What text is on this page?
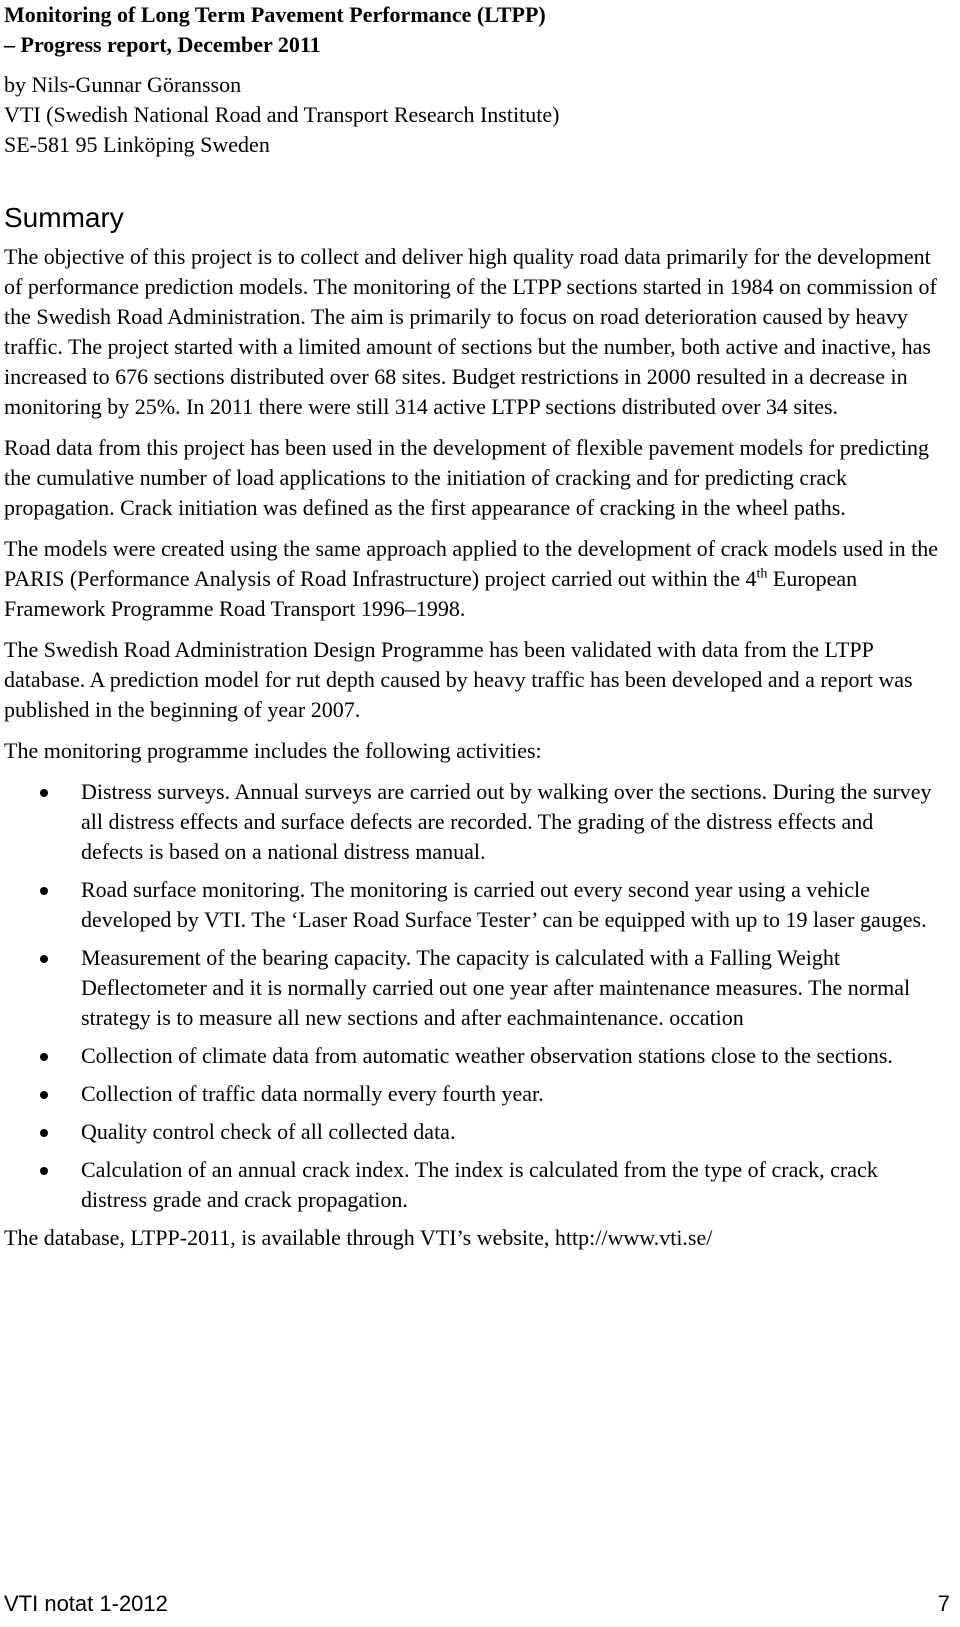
Monitoring of Long Term Pavement Performance (LTPP)
– Progress report, December 2011

by Nils-Gunnar Göransson
VTI (Swedish National Road and Transport Research Institute)
SE-581 95 Linköping Sweden

Summary

The objective of this project is to collect and deliver high quality road data primarily for the development of performance prediction models. The monitoring of the LTPP sections started in 1984 on commission of the Swedish Road Administration. The aim is primarily to focus on road deterioration caused by heavy traffic. The project started with a limited amount of sections but the number, both active and inactive, has increased to 676 sections distributed over 68 sites. Budget restrictions in 2000 resulted in a decrease in monitoring by 25%. In 2011 there were still 314 active LTPP sections distributed over 34 sites.

Road data from this project has been used in the development of flexible pavement models for predicting the cumulative number of load applications to the initiation of cracking and for predicting crack propagation. Crack initiation was defined as the first appearance of cracking in the wheel paths.

The models were created using the same approach applied to the development of crack models used in the PARIS (Performance Analysis of Road Infrastructure) project carried out within the 4th European Framework Programme Road Transport 1996–1998.

The Swedish Road Administration Design Programme has been validated with data from the LTPP database. A prediction model for rut depth caused by heavy traffic has been developed and a report was published in the beginning of year 2007.

The monitoring programme includes the following activities:

Distress surveys. Annual surveys are carried out by walking over the sections. During the survey all distress effects and surface defects are recorded. The grading of the distress effects and defects is based on a national distress manual.
Road surface monitoring. The monitoring is carried out every second year using a vehicle developed by VTI. The ‘Laser Road Surface Tester’ can be equipped with up to 19 laser gauges.
Measurement of the bearing capacity. The capacity is calculated with a Falling Weight Deflectometer and it is normally carried out one year after maintenance measures. The normal strategy is to measure all new sections and after eachmaintenance. occation
Collection of climate data from automatic weather observation stations close to the sections.
Collection of traffic data normally every fourth year.
Quality control check of all collected data.
Calculation of an annual crack index. The index is calculated from the type of crack, crack distress grade and crack propagation.

The database, LTPP-2011, is available through VTI’s website, http://www.vti.se/

VTI notat 1-2012	7
